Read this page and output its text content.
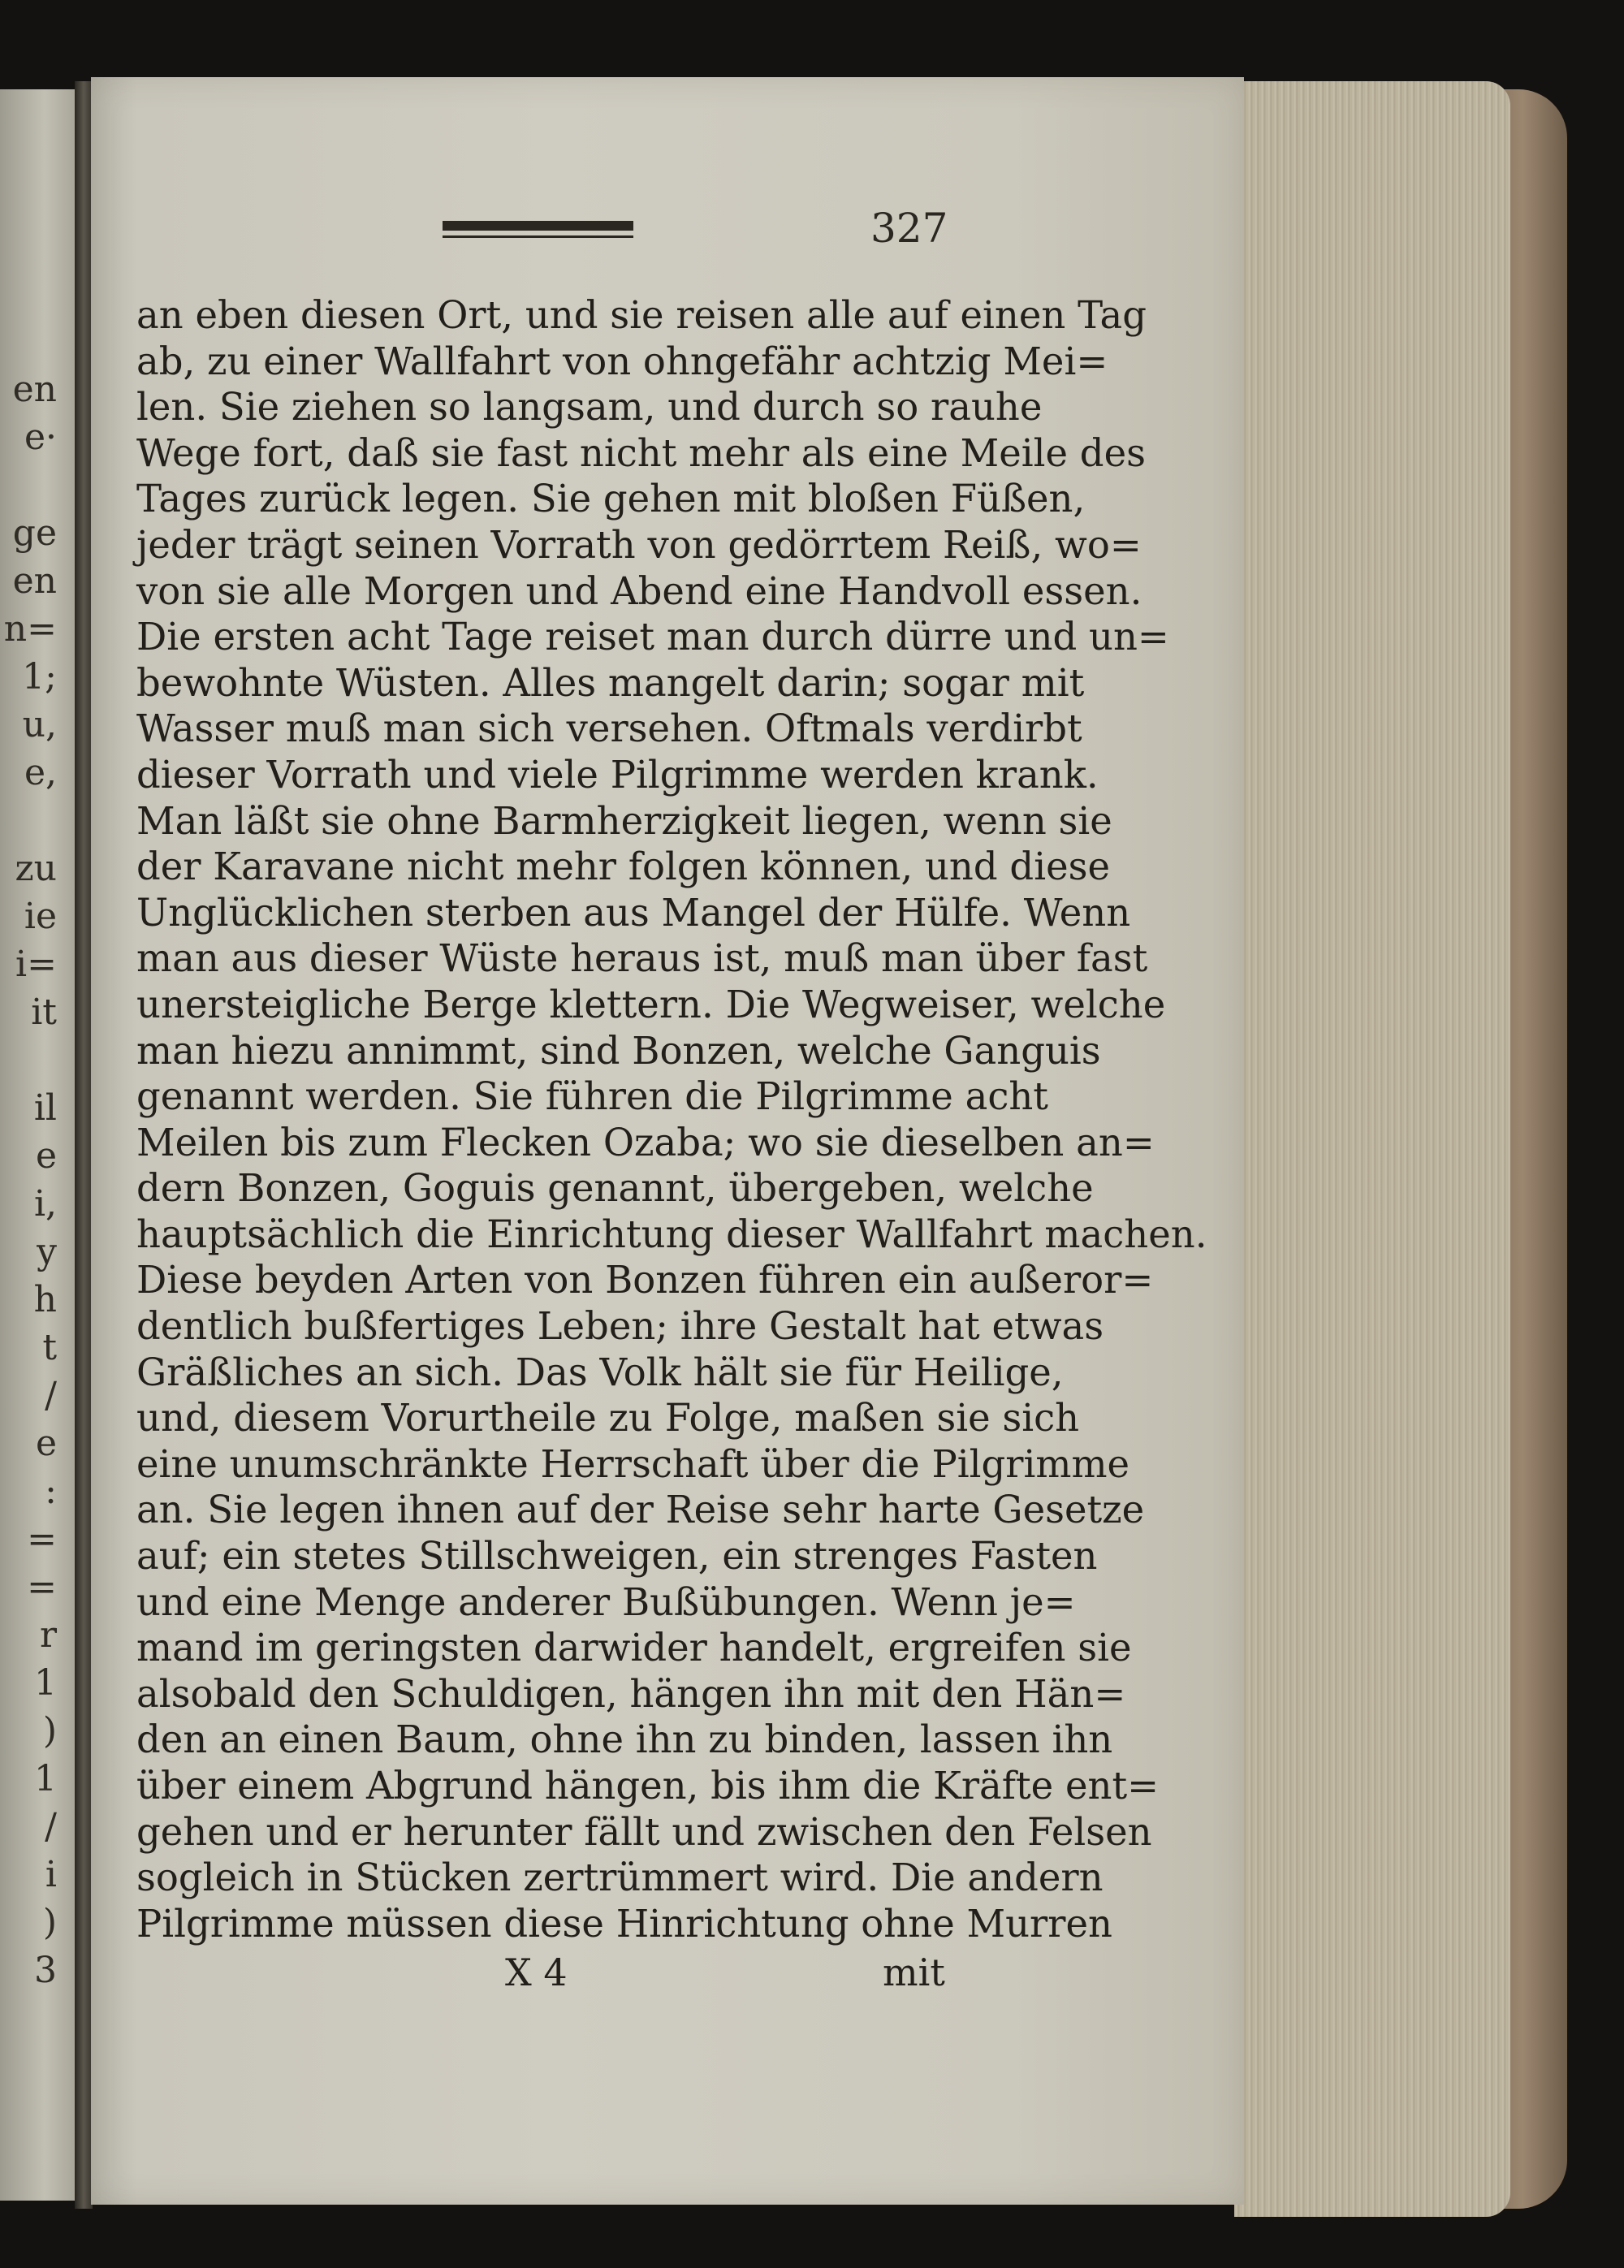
en
e·
ge
en
n=
1;
u,
e,
zu
ie
i=
it
il
e
i,
y
h
t
/
e
:
=
=
r
1
)
1
/
i
)
3
327
an eben diesen Ort, und sie reisen alle auf einen Tag
ab, zu einer Wallfahrt von ohngefähr achtzig Mei=
len. Sie ziehen so langsam, und durch so rauhe
Wege fort, daß sie fast nicht mehr als eine Meile des
Tages zurück legen. Sie gehen mit bloßen Füßen,
jeder trägt seinen Vorrath von gedörrtem Reiß, wo=
von sie alle Morgen und Abend eine Handvoll essen.
Die ersten acht Tage reiset man durch dürre und un=
bewohnte Wüsten. Alles mangelt darin; sogar mit
Wasser muß man sich versehen. Oftmals verdirbt
dieser Vorrath und viele Pilgrimme werden krank.
Man läßt sie ohne Barmherzigkeit liegen, wenn sie
der Karavane nicht mehr folgen können, und diese
Unglücklichen sterben aus Mangel der Hülfe. Wenn
man aus dieser Wüste heraus ist, muß man über fast
unersteigliche Berge klettern. Die Wegweiser, welche
man hiezu annimmt, sind Bonzen, welche Ganguis
genannt werden. Sie führen die Pilgrimme acht
Meilen bis zum Flecken Ozaba; wo sie dieselben an=
dern Bonzen, Goguis genannt, übergeben, welche
hauptsächlich die Einrichtung dieser Wallfahrt machen.
Diese beyden Arten von Bonzen führen ein außeror=
dentlich bußfertiges Leben; ihre Gestalt hat etwas
Gräßliches an sich. Das Volk hält sie für Heilige,
und, diesem Vorurtheile zu Folge, maßen sie sich
eine unumschränkte Herrschaft über die Pilgrimme
an. Sie legen ihnen auf der Reise sehr harte Gesetze
auf; ein stetes Stillschweigen, ein strenges Fasten
und eine Menge anderer Bußübungen. Wenn je=
mand im geringsten darwider handelt, ergreifen sie
alsobald den Schuldigen, hängen ihn mit den Hän=
den an einen Baum, ohne ihn zu binden, lassen ihn
über einem Abgrund hängen, bis ihm die Kräfte ent=
gehen und er herunter fällt und zwischen den Felsen
sogleich in Stücken zertrümmert wird. Die andern
Pilgrimme müssen diese Hinrichtung ohne Murren
X 4	mit
